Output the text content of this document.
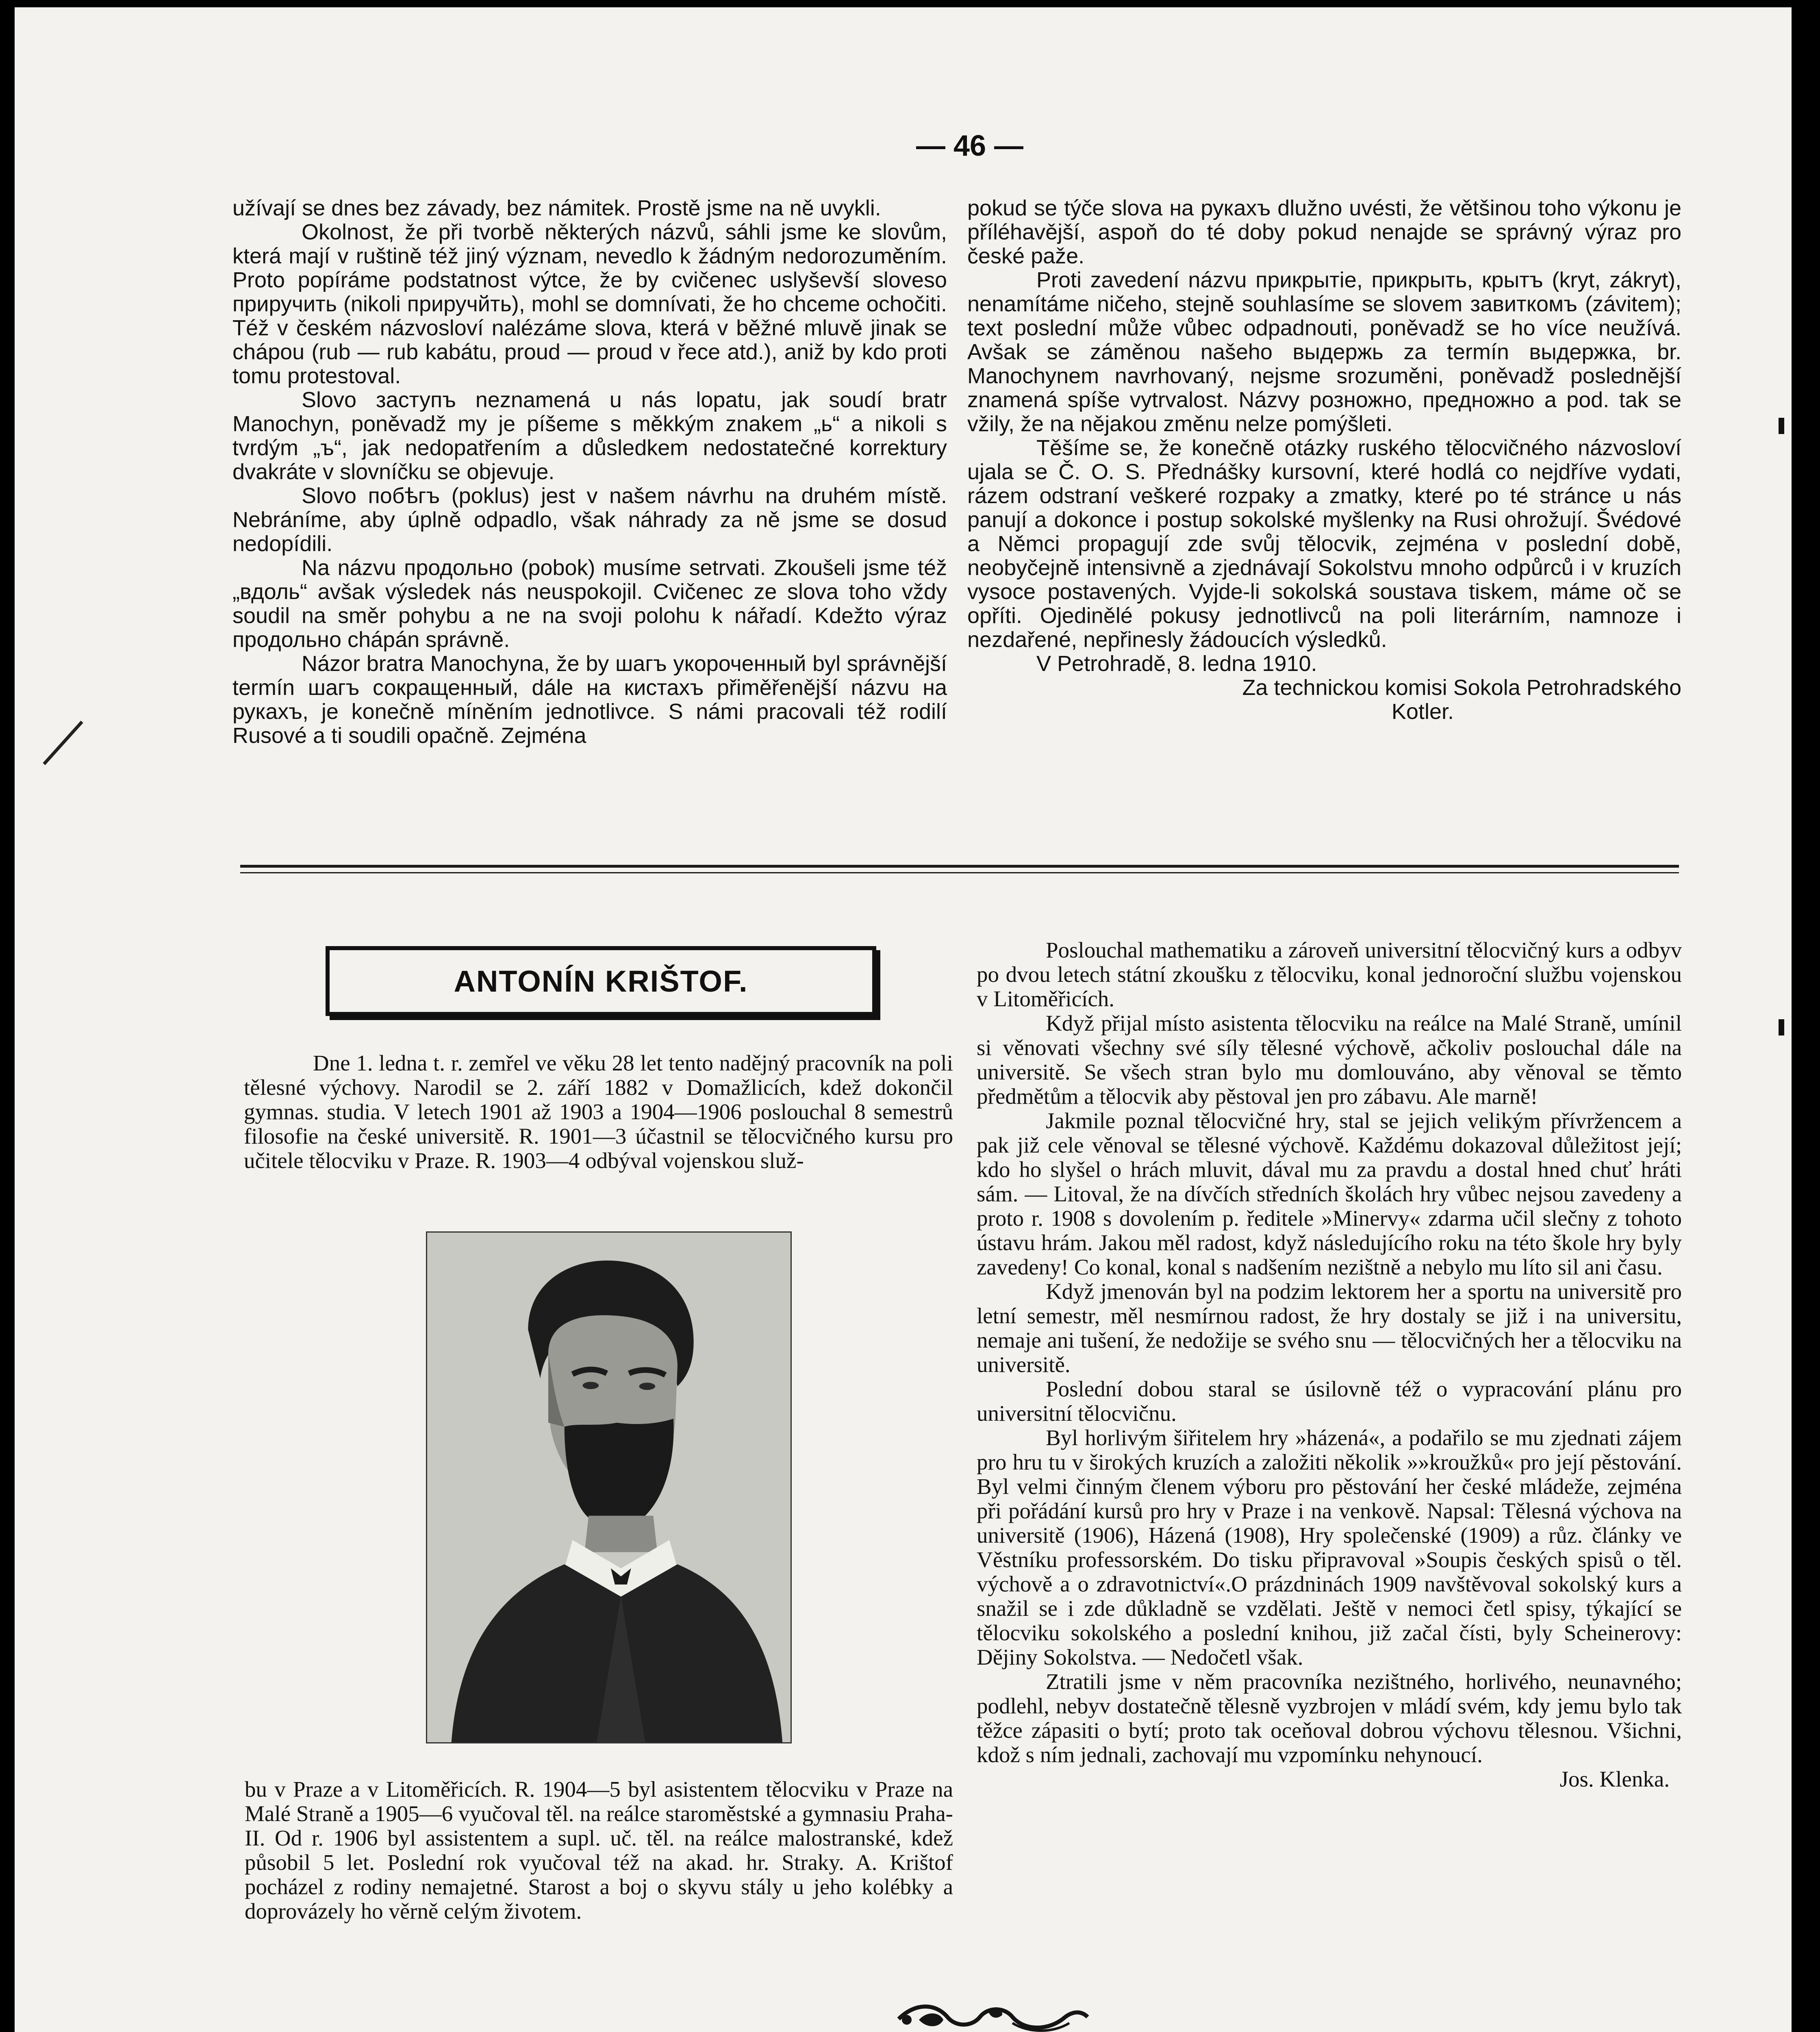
— 46 —

užívají se dnes bez závady, bez námitek. Prostě jsme na ně uvykli.

Okolnost, že při tvorbě některých názvů, sáhli jsme ke slovům, která mají v ruštině též jiný význam, nevedlo k žádným nedorozuměním. Proto popíráme podstatnost výtce, že by cvičenec uslyševší sloveso приручить (nikoli приручйть), mohl se domnívati, že ho chceme ochočiti. Též v českém názvosloví nalézáme slova, která v běžné mluvě jinak se chápou (rub — rub kabátu, proud — proud v řece atd.), aniž by kdo proti tomu protestoval.

Slovo заступъ neznamená u nás lopatu, jak soudí bratr Manochyn, poněvadž my je píšeme s měkkým znakem „ь“ a nikoli s tvrdým „ъ“, jak nedopatřením a důsledkem nedostatečné korrektury dvakráte v slovníčku se objevuje.

Slovo побѣгъ (poklus) jest v našem návrhu na druhém místě. Nebráníme, aby úplně odpadlo, však náhrady za ně jsme se dosud nedopídili.

Na názvu продольно (pobok) musíme setrvati. Zkoušeli jsme též „вдоль“ avšak výsledek nás neuspokojil. Cvičenec ze slova toho vždy soudil na směr pohybu a ne na svoji polohu k nářadí. Kdežto výraz продольно chápán správně.

Názor bratra Manochyna, že by шагъ укороченный byl správnější termín шагъ сокращенный, dále на кистахъ přiměřenější názvu на рукахъ, je konečně míněním jednotlivce. S námi pracovali též rodilí Rusové a ti soudili opačně. Zejména

pokud se týče slova на рукахъ dlužno uvésti, že většinou toho výkonu je příléhavější, aspoň do té doby pokud nenajde se správný výraz pro české paže.

Proti zavedení názvu прикрытіе, прикрыть, крытъ (kryt, zákryt), nenamítáme ničeho, stejně souhlasíme se slovem завиткомъ (závitem); text poslední může vůbec odpadnouti, poněvadž se ho více neužívá. Avšak se záměnou našeho выдержь za termín выдержка, br. Manochynem navrhovaný, nejsme srozuměni, poněvadž poslednější znamená spíše vytrvalost. Názvy розножно, предножно a pod. tak se vžily, že na nějakou změnu nelze pomýšleti.

Těšíme se, že konečně otázky ruského tělocvičného názvosloví ujala se Č. O. S. Přednášky kursovní, které hodlá co nejdříve vydati, rázem odstraní veškeré rozpaky a zmatky, které po té stránce u nás panují a dokonce i postup sokolské myšlenky na Rusi ohrožují. Švédové a Němci propagují zde svůj tělocvik, zejména v poslední době, neobyčejně intensivně a zjednávají Sokolstvu mnoho odpůrců i v kruzích vysoce postavených. Vyjde-li sokolská soustava tiskem, máme oč se opříti. Ojedinělé pokusy jednotlivců na poli literárním, namnoze i nezdařené, nepřinesly žádoucích výsledků.

V Petrohradě, 8. ledna 1910.

Za technickou komisi Sokola Petrohradského

Kotler.

ANTONÍN KRIŠTOF.

Dne 1. ledna t. r. zemřel ve věku 28 let tento nadějný pracovník na poli tělesné výchovy. Narodil se 2. září 1882 v Domažlicích, kdež dokončil gymnas. studia. V letech 1901 až 1903 a 1904—1906 poslouchal 8 semestrů filosofie na české universitě. R. 1901—3 účastnil se tělocvičného kursu pro učitele tělocviku v Praze. R. 1903—4 odbýval vojenskou služ-

bu v Praze a v Litoměřicích. R. 1904—5 byl asistentem tělocviku v Praze na Malé Straně a 1905—6 vyučoval těl. na reálce staroměstské a gymnasiu Praha-II. Od r. 1906 byl assistentem a supl. uč. těl. na reálce malostranské, kdež působil 5 let. Poslední rok vyučoval též na akad. hr. Straky. A. Krištof pocházel z rodiny nemajetné. Starost a boj o skyvu stály u jeho kolébky a doprovázely ho věrně celým životem.

Poslouchal mathematiku a zároveň universitní tělocvičný kurs a odbyv po dvou letech státní zkoušku z tělocviku, konal jednoroční službu vojenskou v Litoměřicích.

Když přijal místo asistenta tělocviku na reálce na Malé Straně, umínil si věnovati všechny své síly tělesné výchově, ačkoliv poslouchal dále na universitě. Se všech stran bylo mu domlouváno, aby věnoval se těmto předmětům a tělocvik aby pěstoval jen pro zábavu. Ale marně!

Jakmile poznal tělocvičné hry, stal se jejich velikým přívržencem a pak již cele věnoval se tělesné výchově. Každému dokazoval důležitost její; kdo ho slyšel o hrách mluvit, dával mu za pravdu a dostal hned chuť hráti sám. — Litoval, že na dívčích středních školách hry vůbec nejsou zavedeny a proto r. 1908 s dovolením p. ředitele »Minervy« zdarma učil slečny z tohoto ústavu hrám. Jakou měl radost, když následujícího roku na této škole hry byly zavedeny! Co konal, konal s nadšením nezištně a nebylo mu líto sil ani času.

Když jmenován byl na podzim lektorem her a sportu na universitě pro letní semestr, měl nesmírnou radost, že hry dostaly se již i na universitu, nemaje ani tušení, že nedožije se svého snu — tělocvičných her a tělocviku na universitě.

Poslední dobou staral se úsilovně též o vypracování plánu pro universitní tělocvičnu.

Byl horlivým šiřitelem hry »házená«, a podařilo se mu zjednati zájem pro hru tu v širokých kruzích a založiti několik »»kroužků« pro její pěstování. Byl velmi činným členem výboru pro pěstování her české mládeže, zejména při pořádání kursů pro hry v Praze i na venkově. Napsal: Tělesná výchova na universitě (1906), Házená (1908), Hry společenské (1909) a růz. články ve Věstníku professorském. Do tisku připravoval »Soupis českých spisů o těl. výchově a o zdravotnictví«.O prázdninách 1909 navštěvoval sokolský kurs a snažil se i zde důkladně se vzdělati. Ještě v nemoci četl spisy, týkající se tělocviku sokolského a poslední knihou, již začal čísti, byly Scheinerovy: Dějiny Sokolstva. — Nedočetl však.

Ztratili jsme v něm pracovníka nezištného, horlivého, neunavného; podlehl, nebyv dostatečně tělesně vyzbrojen v mládí svém, kdy jemu bylo tak těžce zápasiti o bytí; proto tak oceňoval dobrou výchovu tělesnou. Všichni, kdož s ním jednali, zachovají mu vzpomínku nehynoucí.

Jos. Klenka.
